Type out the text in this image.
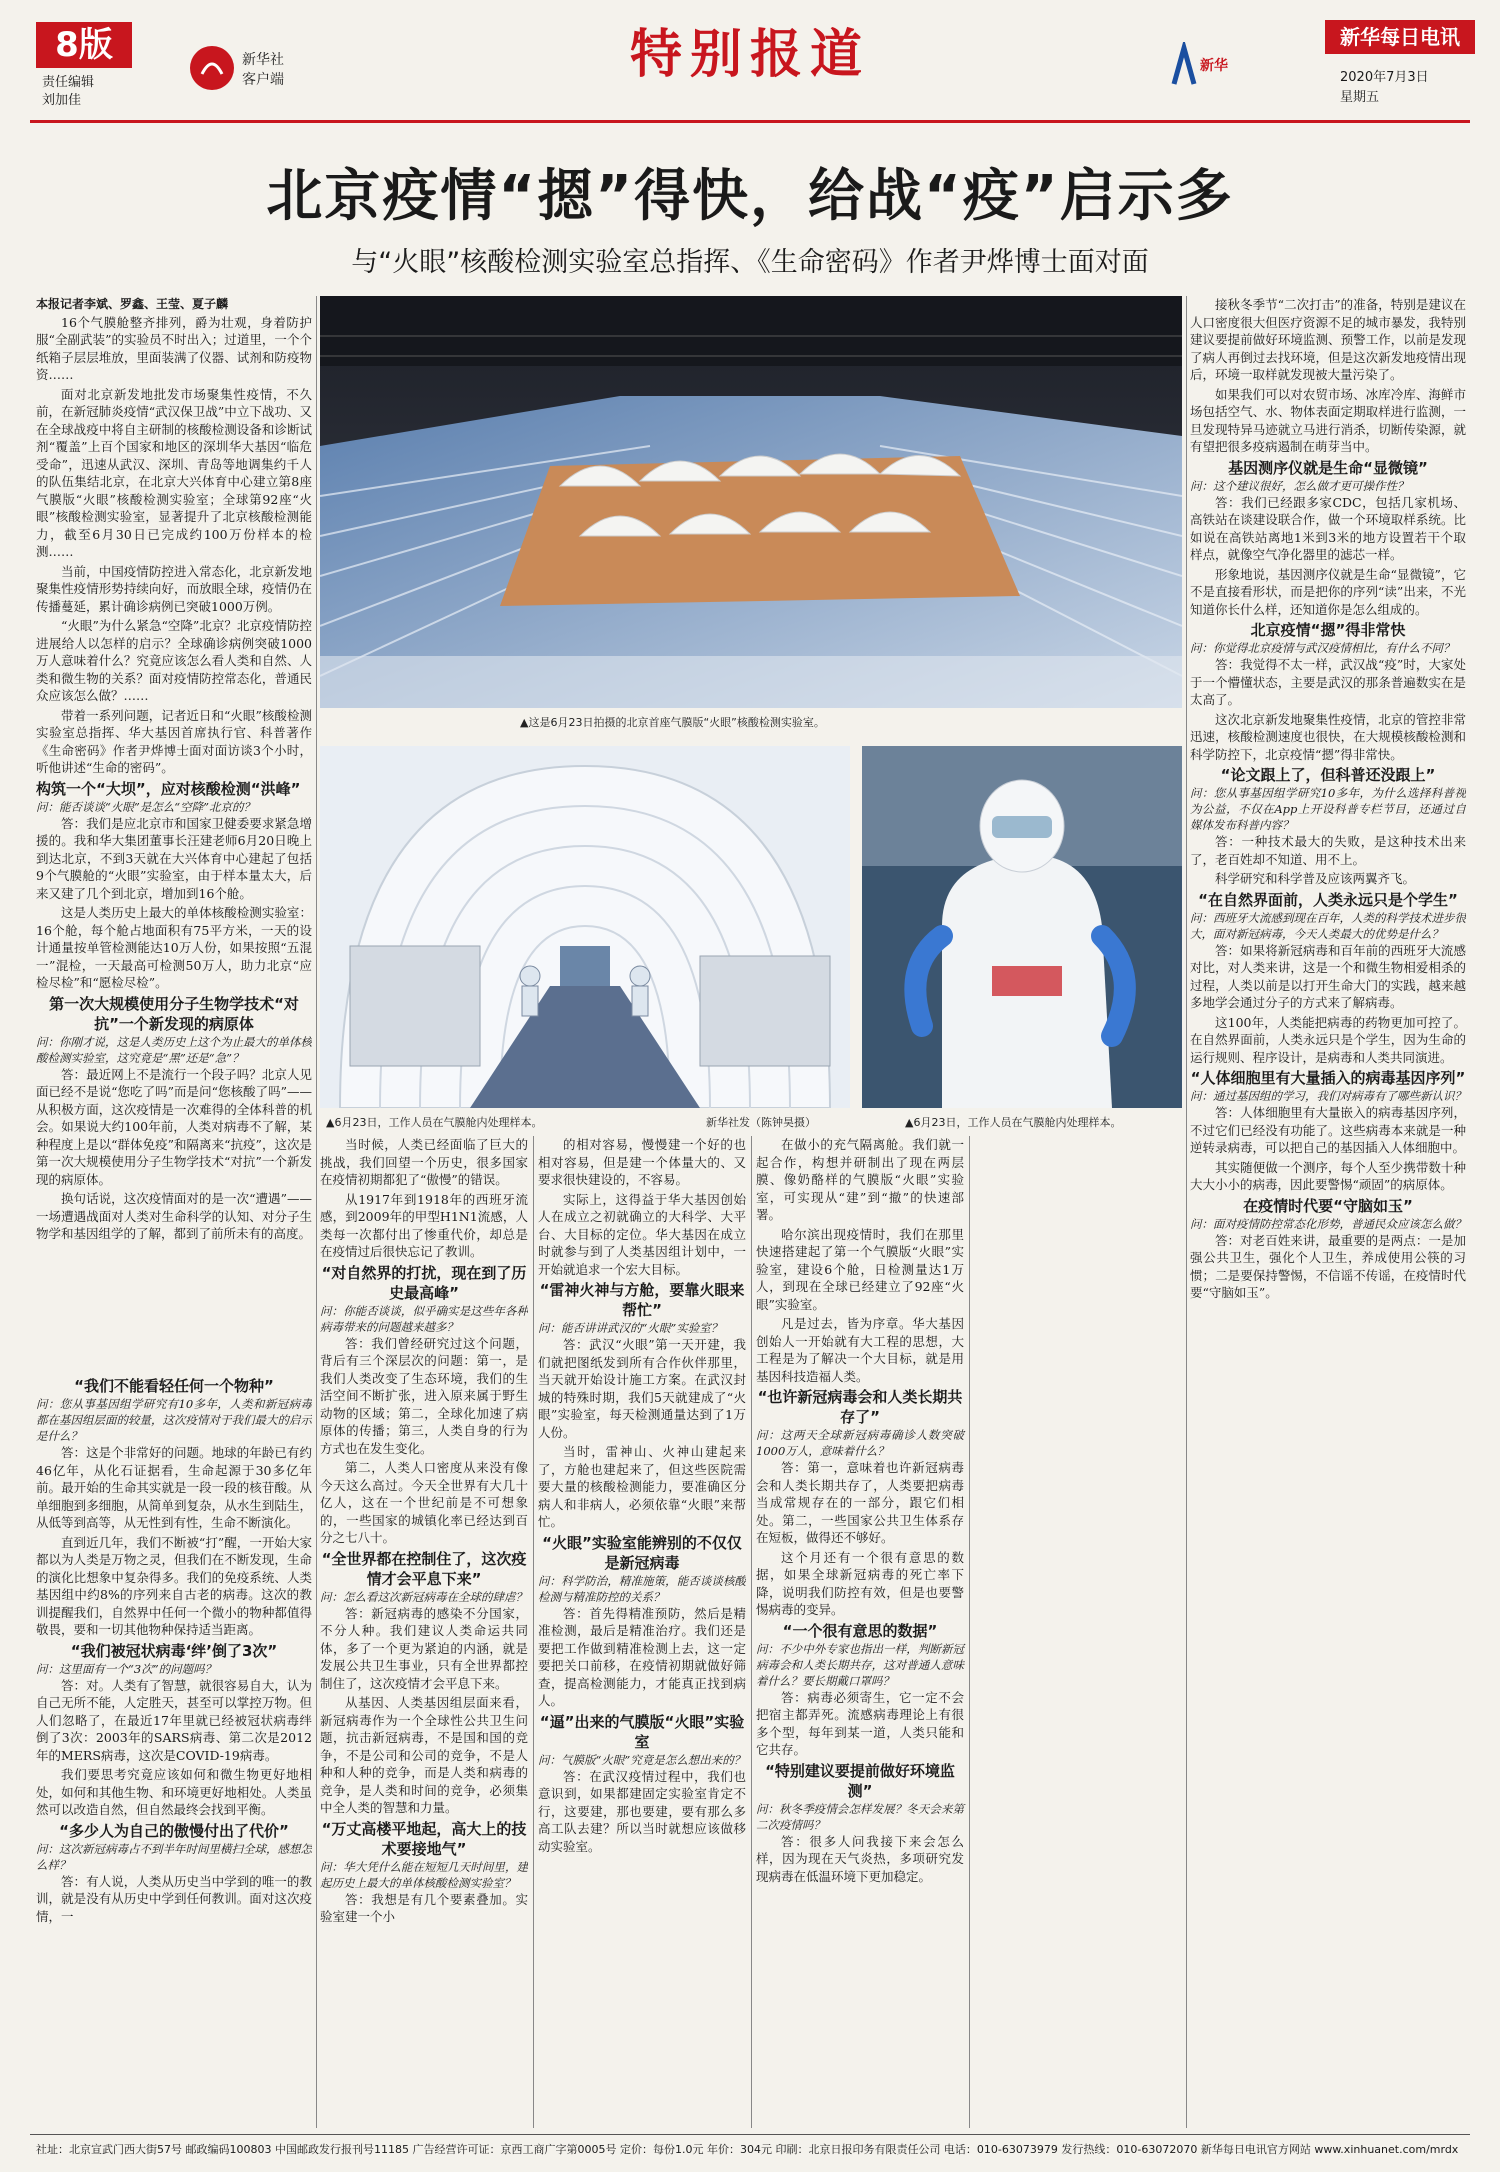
8版
责任编辑
刘加佳
新华社
客户端	特别报道	新华
新华每日电讯
2020年7月3日
星期五
北京疫情“摁”得快，给战“疫”启示多
与“火眼”核酸检测实验室总指挥、《生命密码》作者尹烨博士面对面
本报记者李斌、罗鑫、王莹、夏子麟

16个气膜舱整齐排列，爵为壮观，身着防护服“全副武装”的实验员不时出入；过道里，一个个纸箱子层层堆放，里面装满了仪器、试剂和防疫物资……

面对北京新发地批发市场聚集性疫情，不久前，在新冠肺炎疫情“武汉保卫战”中立下战功、又在全球战疫中将自主研制的核酸检测设备和诊断试剂“覆盖”上百个国家和地区的深圳华大基因“临危受命”，迅速从武汉、深圳、青岛等地调集约千人的队伍集结北京，在北京大兴体育中心建立第8座气膜版“火眼”核酸检测实验室；全球第92座“火眼”核酸检测实验室，显著提升了北京核酸检测能力，截至6月30日已完成约100万份样本的检测……

当前，中国疫情防控进入常态化，北京新发地聚集性疫情形势持续向好，而放眼全球，疫情仍在传播蔓延，累计确诊病例已突破1000万例。

“火眼”为什么紧急“空降”北京？北京疫情防控进展给人以怎样的启示？全球确诊病例突破1000万人意味着什么？究竟应该怎么看人类和自然、人类和微生物的关系？面对疫情防控常态化，普通民众应该怎么做？……

带着一系列问题，记者近日和“火眼”核酸检测实验室总指挥、华大基因首席执行官、科普著作《生命密码》作者尹烨博士面对面访谈3个小时，听他讲述“生命的密码”。

构筑一个“大坝”，应对核酸检测“洪峰”
问：能否谈谈“火眼”是怎么“空降”北京的？

答：我们是应北京市和国家卫健委要求紧急增援的。我和华大集团董事长汪建老师6月20日晚上到达北京，不到3天就在大兴体育中心建起了包括9个气膜舱的“火眼”实验室，由于样本量太大，后来又建了几个到北京，增加到16个舱。

这是人类历史上最大的单体核酸检测实验室：16个舱，每个舱占地面积有75平方米，一天的设计通量按单管检测能达10万人份，如果按照“五混一”混检，一天最高可检测50万人，助力北京“应检尽检”和“愿检尽检”。

第一次大规模使用分子生物学技术“对抗”一个新发现的病原体
问：你刚才说，这是人类历史上这个为止最大的单体核酸检测实验室，这究竟是“黑”还是“急”？

答：最近网上不是流行一个段子吗？北京人见面已经不是说“您吃了吗”而是问“您核酸了吗”——从积极方面，这次疫情是一次难得的全体科普的机会。如果说大约100年前，人类对病毒不了解，某种程度上是以“群体免疫”和隔离来“抗疫”，这次是第一次大规模使用分子生物学技术“对抗”一个新发现的病原体。

换句话说，这次疫情面对的是一次“遭遇”——一场遭遇战面对人类对生命科学的认知、对分子生物学和基因组学的了解，都到了前所未有的高度。

▲这是6月23日拍摄的北京首座气膜版“火眼”核酸检测实验室。

接秋冬季节“二次打击”的准备，特别是建议在人口密度很大但医疗资源不足的城市暴发，我特别建议要提前做好环境监测、预警工作，以前是发现了病人再倒过去找环境，但是这次新发地疫情出现后，环境一取样就发现被大量污染了。

如果我们可以对农贸市场、冰库冷库、海鲜市场包括空气、水、物体表面定期取样进行监测，一旦发现特异马迹就立马进行消杀，切断传染源，就有望把很多疫病遏制在萌芽当中。

基因测序仪就是生命“显微镜”
问：这个建议很好，怎么做才更可操作性？

答：我们已经跟多家CDC，包括几家机场、高铁站在谈建设联合作，做一个环境取样系统。比如说在高铁站离地1米到3米的地方设置若干个取样点，就像空气净化器里的滤芯一样。

形象地说，基因测序仪就是生命“显微镜”，它不是直接看形状，而是把你的序列“读”出来，不光知道你长什么样，还知道你是怎么组成的。

北京疫情“摁”得非常快
问：你觉得北京疫情与武汉疫情相比，有什么不同？

答：我觉得不太一样，武汉战“疫”时，大家处于一个懵懂状态，主要是武汉的那条普遍数实在是太高了。

这次北京新发地聚集性疫情，北京的管控非常迅速，核酸检测速度也很快，在大规模核酸检测和科学防控下，北京疫情“摁”得非常快。

“论文跟上了，但科普还没跟上”
问：您从事基因组学研究10多年，为什么选择科普视为公益，不仅在App上开设科普专栏节目，还通过自媒体发布科普内容？

答：一种技术最大的失败，是这种技术出来了，老百姓却不知道、用不上。

科学研究和科学普及应该两翼齐飞。

“在自然界面前，人类永远只是个学生”
问：西班牙大流感到现在百年，人类的科学技术进步很大，面对新冠病毒，今天人类最大的优势是什么？

答：如果将新冠病毒和百年前的西班牙大流感对比，对人类来讲，这是一个和微生物相爱相杀的过程，人类以前是以打开生命大门的实践，越来越多地学会通过分子的方式来了解病毒。

这100年，人类能把病毒的药物更加可控了。在自然界面前，人类永远只是个学生，因为生命的运行规则、程序设计，是病毒和人类共同演进。

“人体细胞里有大量插入的病毒基因序列”
问：通过基因组的学习，我们对病毒有了哪些新认识？

答：人体细胞里有大量嵌入的病毒基因序列，不过它们已经没有功能了。这些病毒本来就是一种逆转录病毒，可以把自己的基因插入人体细胞中。

其实随便做一个测序，每个人至少携带数十种大大小小的病毒，因此要警惕“顽固”的病原体。

在疫情时代要“守脑如玉”
问：面对疫情防控常态化形势，普通民众应该怎么做？

答：对老百姓来讲，最重要的是两点：一是加强公共卫生，强化个人卫生，养成使用公筷的习惯；二是要保持警惕，不信谣不传谣，在疫情时代要“守脑如玉”。

▲6月23日，工作人员在气膜舱内处理样本。	新华社发（陈钟昊摄）	▲6月23日，工作人员在气膜舱内处理样本。
“我们不能看轻任何一个物种”
问：您从事基因组学研究有10多年，人类和新冠病毒都在基因组层面的较量，这次疫情对于我们最大的启示是什么？

答：这是个非常好的问题。地球的年龄已有约46亿年，从化石证据看，生命起源于30多亿年前。最开始的生命其实就是一段一段的核苷酸。从单细胞到多细胞，从简单到复杂，从水生到陆生，从低等到高等，从无性到有性，生命不断演化。

直到近几年，我们不断被“打”醒，一开始大家都以为人类是万物之灵，但我们在不断发现，生命的演化比想象中复杂得多。我们的免疫系统、人类基因组中约8%的序列来自古老的病毒。这次的教训提醒我们，自然界中任何一个微小的物种都值得敬畏，要和一切其他物种保持适当距离。

“我们被冠状病毒‘绊’倒了3次”
问：这里面有一个“3次”的问题吗？

答：对。人类有了智慧，就很容易自大，认为自己无所不能，人定胜天，甚至可以掌控万物。但人们忽略了，在最近17年里就已经被冠状病毒绊倒了3次：2003年的SARS病毒、第二次是2012年的MERS病毒，这次是COVID-19病毒。

我们要思考究竟应该如何和微生物更好地相处，如何和其他生物、和环境更好地相处。人类虽然可以改造自然，但自然最终会找到平衡。

“多少人为自己的傲慢付出了代价”
问：这次新冠病毒占不到半年时间里横扫全球，感想怎么样？

答：有人说，人类从历史当中学到的唯一的教训，就是没有从历史中学到任何教训。面对这次疫情，一

当时候，人类已经面临了巨大的挑战，我们回望一个历史，很多国家在疫情初期都犯了“傲慢”的错误。

从1917年到1918年的西班牙流感，到2009年的甲型H1N1流感，人类每一次都付出了惨重代价，却总是在疫情过后很快忘记了教训。

“对自然界的打扰，现在到了历史最高峰”
问：你能否谈谈，似乎确实是这些年各种病毒带来的问题越来越多？

答：我们曾经研究过这个问题，背后有三个深层次的问题：第一，是我们人类改变了生态环境，我们的生活空间不断扩张，进入原来属于野生动物的区域；第二，全球化加速了病原体的传播；第三，人类自身的行为方式也在发生变化。

第二，人类人口密度从来没有像今天这么高过。今天全世界有大几十亿人，这在一个世纪前是不可想象的，一些国家的城镇化率已经达到百分之七八十。

“全世界都在控制住了，这次疫情才会平息下来”
问：怎么看这次新冠病毒在全球的肆虐？

答：新冠病毒的感染不分国家，不分人种。我们建议人类命运共同体，多了一个更为紧迫的内涵，就是发展公共卫生事业，只有全世界都控制住了，这次疫情才会平息下来。

从基因、人类基因组层面来看，新冠病毒作为一个全球性公共卫生问题，抗击新冠病毒，不是国和国的竞争，不是公司和公司的竞争，不是人种和人种的竞争，而是人类和病毒的竞争，是人类和时间的竞争，必须集中全人类的智慧和力量。

“万丈高楼平地起，高大上的技术要接地气”
问：华大凭什么能在短短几天时间里，建起历史上最大的单体核酸检测实验室？

答：我想是有几个要素叠加。实验室建一个小

的相对容易，慢慢建一个好的也相对容易，但是建一个体量大的、又要求很快建设的，不容易。

实际上，这得益于华大基因创始人在成立之初就确立的大科学、大平台、大目标的定位。华大基因在成立时就参与到了人类基因组计划中，一开始就追求一个宏大目标。

“雷神火神与方舱，要靠火眼来帮忙”
问：能否讲讲武汉的“火眼”实验室？

答：武汉“火眼”第一天开建，我们就把图纸发到所有合作伙伴那里，当天就开始设计施工方案。在武汉封城的特殊时期，我们5天就建成了“火眼”实验室，每天检测通量达到了1万人份。

当时，雷神山、火神山建起来了，方舱也建起来了，但这些医院需要大量的核酸检测能力，要准确区分病人和非病人，必须依靠“火眼”来帮忙。

“火眼”实验室能辨别的不仅仅是新冠病毒
问：科学防治，精准施策，能否谈谈核酸检测与精准防控的关系？

答：首先得精准预防，然后是精准检测，最后是精准治疗。我们还是要把工作做到精准检测上去，这一定要把关口前移，在疫情初期就做好筛查，提高检测能力，才能真正找到病人。

“逼”出来的气膜版“火眼”实验室
问：气膜版“火眼”究竟是怎么想出来的？

答：在武汉疫情过程中，我们也意识到，如果都建固定实验室肯定不行，这要建，那也要建，要有那么多高工队去建？所以当时就想应该做移动实验室。

在做小的充气隔离舱。我们就一起合作，构想并研制出了现在两层膜、像奶酪样的气膜版“火眼”实验室，可实现从“建”到“撤”的快速部署。

哈尔滨出现疫情时，我们在那里快速搭建起了第一个气膜版“火眼”实验室，建设6个舱，日检测量达1万人，到现在全球已经建立了92座“火眼”实验室。

凡是过去，皆为序章。华大基因创始人一开始就有大工程的思想，大工程是为了解决一个大目标，就是用基因科技造福人类。

“也许新冠病毒会和人类长期共存了”
问：这两天全球新冠病毒确诊人数突破1000万人，意味着什么？

答：第一，意味着也许新冠病毒会和人类长期共存了，人类要把病毒当成常规存在的一部分，跟它们相处。第二，一些国家公共卫生体系存在短板，做得还不够好。

这个月还有一个很有意思的数据，如果全球新冠病毒的死亡率下降，说明我们防控有效，但是也要警惕病毒的变异。

“一个很有意思的数据”
问：不少中外专家也指出一样，判断新冠病毒会和人类长期共存，这对普通人意味着什么？要长期戴口罩吗？

答：病毒必须寄生，它一定不会把宿主都弄死。流感病毒理论上有很多个型，每年到某一道，人类只能和它共存。

“特别建议要提前做好环境监测”
问：秋冬季疫情会怎样发展？冬天会来第二次疫情吗？

答：很多人问我接下来会怎么样，因为现在天气炎热，多项研究发现病毒在低温环境下更加稳定。

社址：北京宣武门西大街57号 邮政编码100803 中国邮政发行报刊号11185 广告经营许可证：京西工商广字第0005号 定价：每份1.0元 年价：304元 印刷：北京日报印务有限责任公司 电话：010-63073979 发行热线：010-63072070 新华每日电讯官方网站 www.xinhuanet.com/mrdx
